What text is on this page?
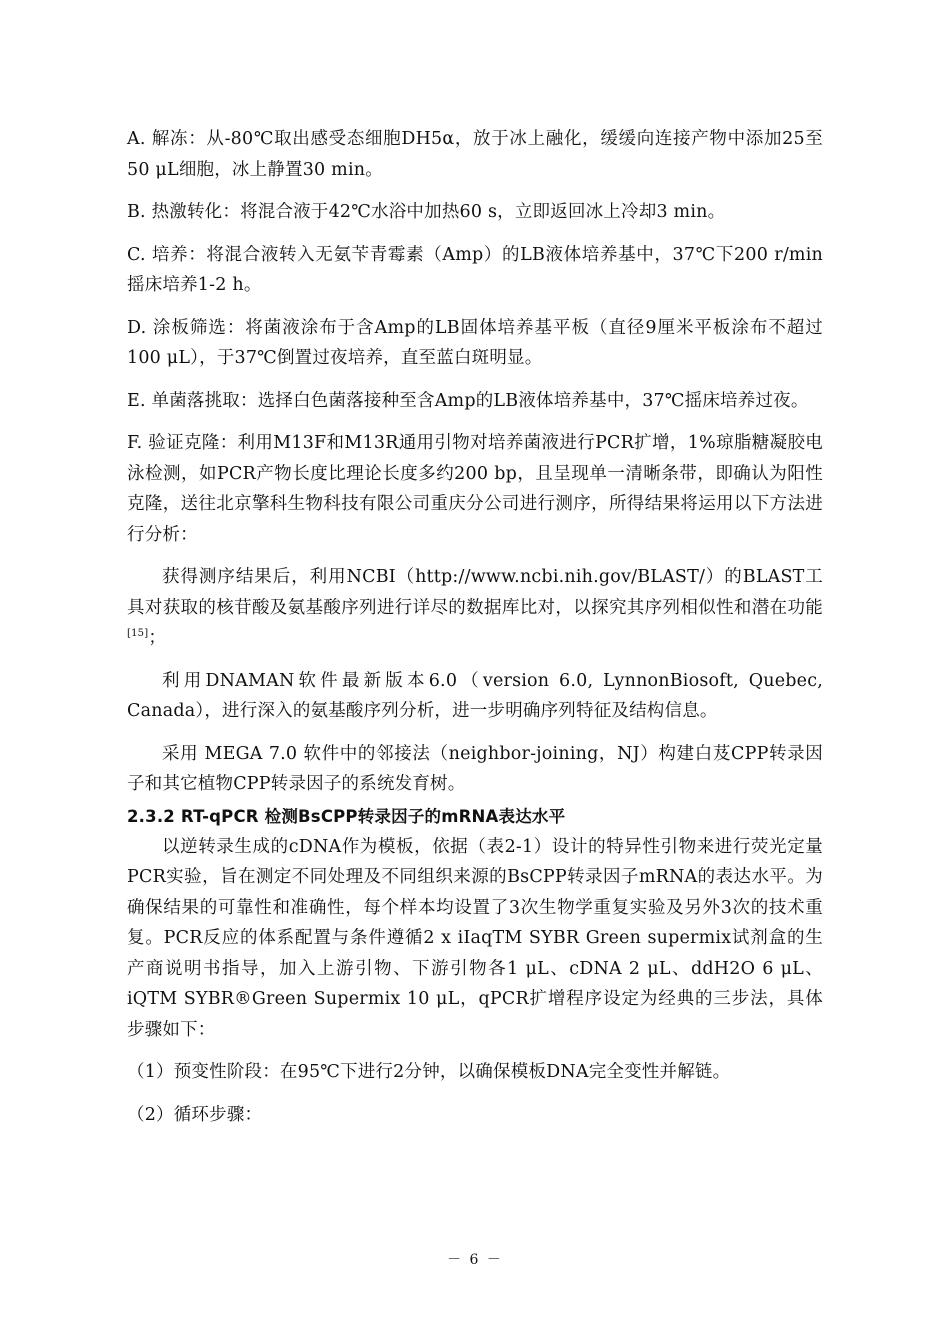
A. 解冻：从-80℃取出感受态细胞DH5α，放于冰上融化，缓缓向连接产物中添加25至50 μL细胞，冰上静置30 min。

B. 热激转化：将混合液于42℃水浴中加热60 s，立即返回冰上冷却3 min。

C. 培养：将混合液转入无氨苄青霉素（Amp）的LB液体培养基中，37℃下200 r/min摇床培养1-2 h。

D. 涂板筛选：将菌液涂布于含Amp的LB固体培养基平板（直径9厘米平板涂布不超过100 μL），于37℃倒置过夜培养，直至蓝白斑明显。

E. 单菌落挑取：选择白色菌落接种至含Amp的LB液体培养基中，37℃摇床培养过夜。

F. 验证克隆：利用M13F和M13R通用引物对培养菌液进行PCR扩增，1%琼脂糖凝胶电泳检测，如PCR产物长度比理论长度多约200 bp，且呈现单一清晰条带，即确认为阳性克隆，送往北京擎科生物科技有限公司重庆分公司进行测序，所得结果将运用以下方法进行分析：

获得测序结果后，利用NCBI（http://www.ncbi.nih.gov/BLAST/）的BLAST工具对获取的核苷酸及氨基酸序列进行详尽的数据库比对，以探究其序列相似性和潜在功能[15]；

利用DNAMAN软件最新版本6.0（version 6.0, LynnonBiosoft, Quebec, Canada），进行深入的氨基酸序列分析，进一步明确序列特征及结构信息。

采用 MEGA 7.0 软件中的邻接法（neighbor-joining，NJ）构建白芨CPP转录因子和其它植物CPP转录因子的系统发育树。

2.3.2 RT-qPCR 检测BsCPP转录因子的mRNA表达水平

以逆转录生成的cDNA作为模板，依据（表2-1）设计的特异性引物来进行荧光定量PCR实验，旨在测定不同处理及不同组织来源的BsCPP转录因子mRNA的表达水平。为确保结果的可靠性和准确性，每个样本均设置了3次生物学重复实验及另外3次的技术重复。PCR反应的体系配置与条件遵循2 x iIaqTM SYBR Green supermix试剂盒的生产商说明书指导，加入上游引物、下游引物各1 μL、cDNA 2 μL、ddH2O 6 μL、iQTM SYBR®Green Supermix 10 μL，qPCR扩增程序设定为经典的三步法，具体步骤如下：

（1）预变性阶段：在95℃下进行2分钟，以确保模板DNA完全变性并解链。

（2）循环步骤：

－ 6 －
